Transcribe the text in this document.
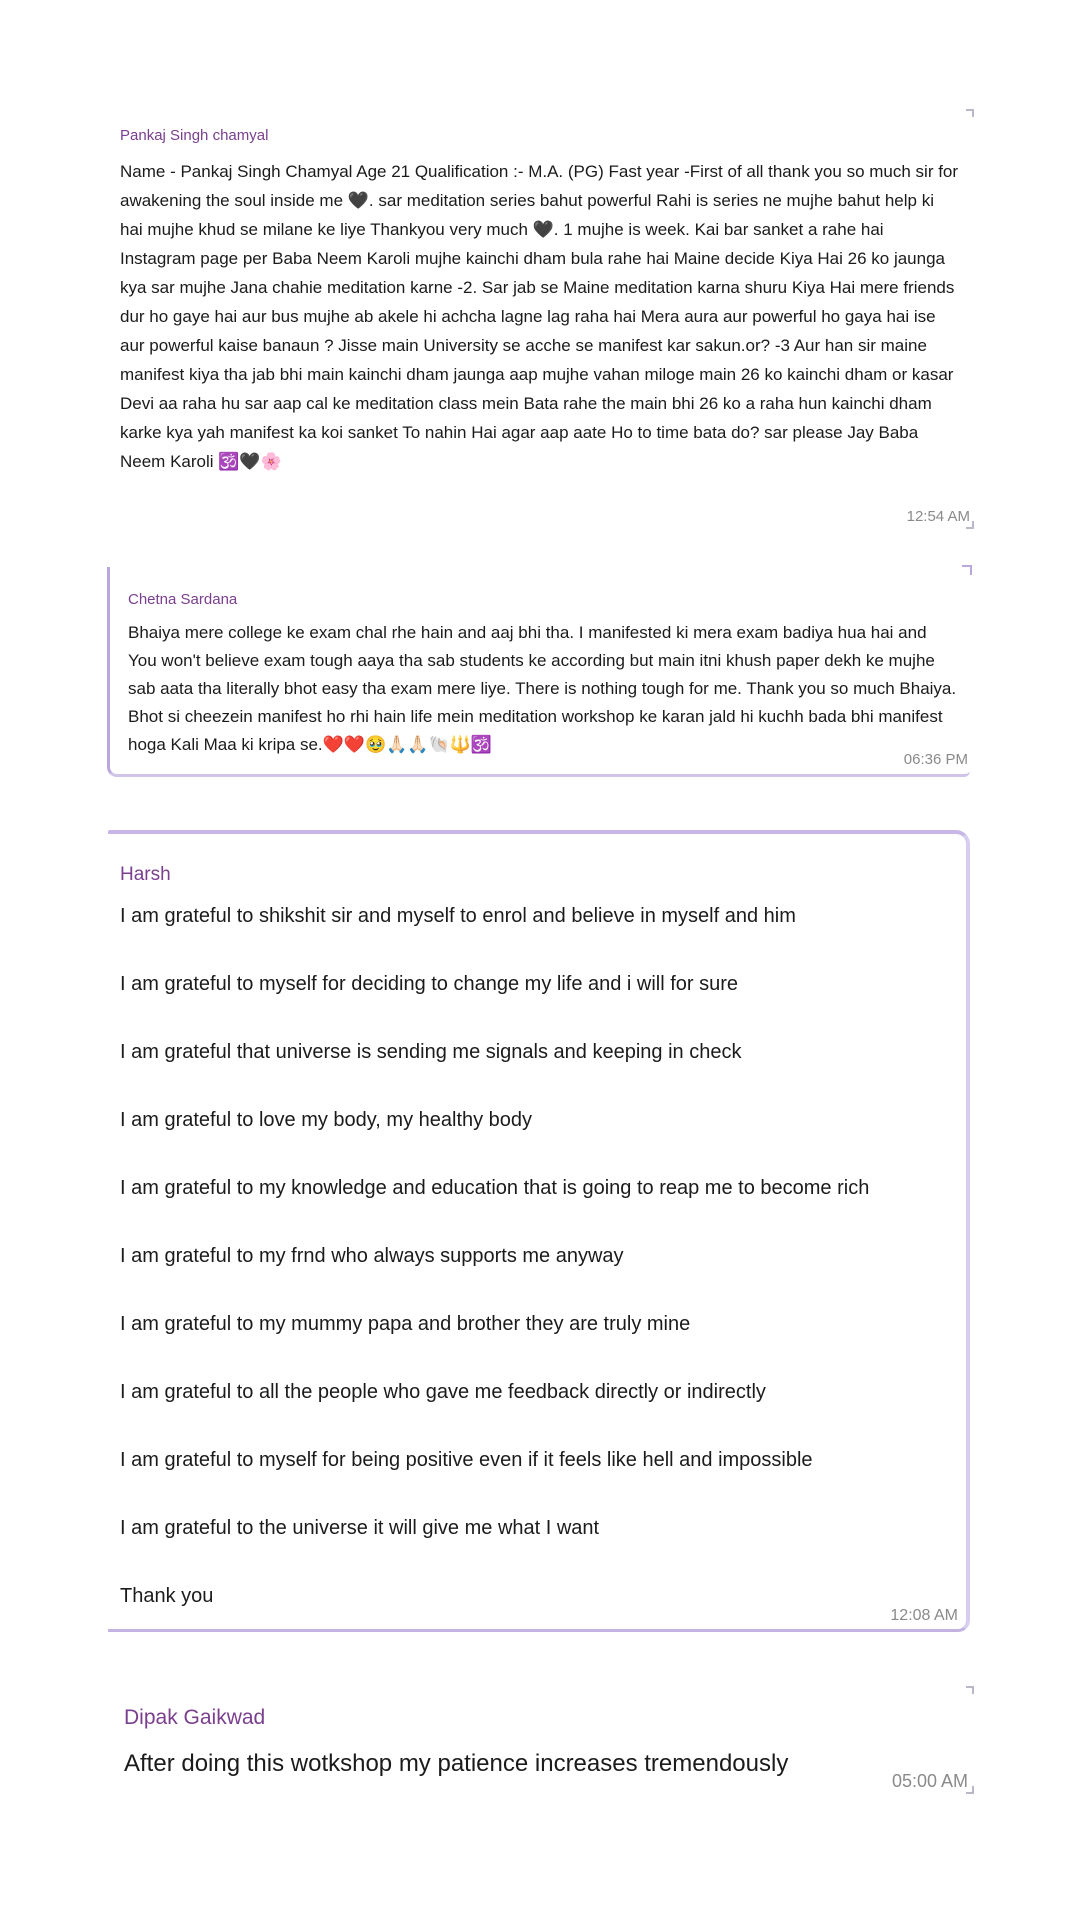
Pankaj Singh chamyal

Name - Pankaj Singh Chamyal Age 21 Qualification :- M.A. (PG) Fast year -First of all thank you so much sir for awakening the soul inside me 🖤. sar meditation series bahut powerful Rahi is series ne mujhe bahut help ki hai mujhe khud se milane ke liye Thankyou very much 🖤. 1 mujhe is week. Kai bar sanket a rahe hai Instagram page per Baba Neem Karoli mujhe kainchi dham bula rahe hai Maine decide Kiya Hai 26 ko jaunga kya sar mujhe Jana chahie meditation karne -2. Sar jab se Maine meditation karna shuru Kiya Hai mere friends dur ho gaye hai aur bus mujhe ab akele hi achcha lagne lag raha hai Mera aura aur powerful ho gaya hai ise aur powerful kaise banaun ? Jisse main University se acche se manifest kar sakun.or? -3 Aur han sir maine manifest kiya tha jab bhi main kainchi dham jaunga aap mujhe vahan miloge main 26 ko kainchi dham or kasar Devi aa raha hu sar aap cal ke meditation class mein Bata rahe the main bhi 26 ko a raha hun kainchi dham karke kya yah manifest ka koi sanket To nahin Hai agar aap aate Ho to time bata do? sar please Jay Baba Neem Karoli 🕉️🖤🌸

12:54 AM

Chetna Sardana

Bhaiya mere college ke exam chal rhe hain and aaj bhi tha. I manifested ki mera exam badiya hua hai and You won't believe exam tough aaya tha sab students ke according but main itni khush paper dekh ke mujhe sab aata tha literally bhot easy tha exam mere liye. There is nothing tough for me. Thank you so much Bhaiya. Bhot si cheezein manifest ho rhi hain life mein meditation workshop ke karan jald hi kuchh bada bhi manifest hoga Kali Maa ki kripa se.❤️❤️🥹🙏🏻🙏🏻🐚🔱🕉️

06:36 PM

Harsh

I am grateful to shikshit sir and myself to enrol and believe in myself and him

I am grateful to myself for deciding to change my life and i will for sure

I am grateful that universe is sending me signals and keeping in check

I am grateful to love my body, my healthy body

I am grateful to my knowledge and education that is going to reap me to become rich

I am grateful to my frnd who always supports me anyway

I am grateful to my mummy papa and brother they are truly mine

I am grateful to all the people who gave me feedback directly or indirectly

I am grateful to myself for being positive even if it feels like hell and impossible

I am grateful to the universe it will give me what I want

Thank you

12:08 AM

Dipak Gaikwad

After doing this wotkshop my patience increases tremendously

05:00 AM
